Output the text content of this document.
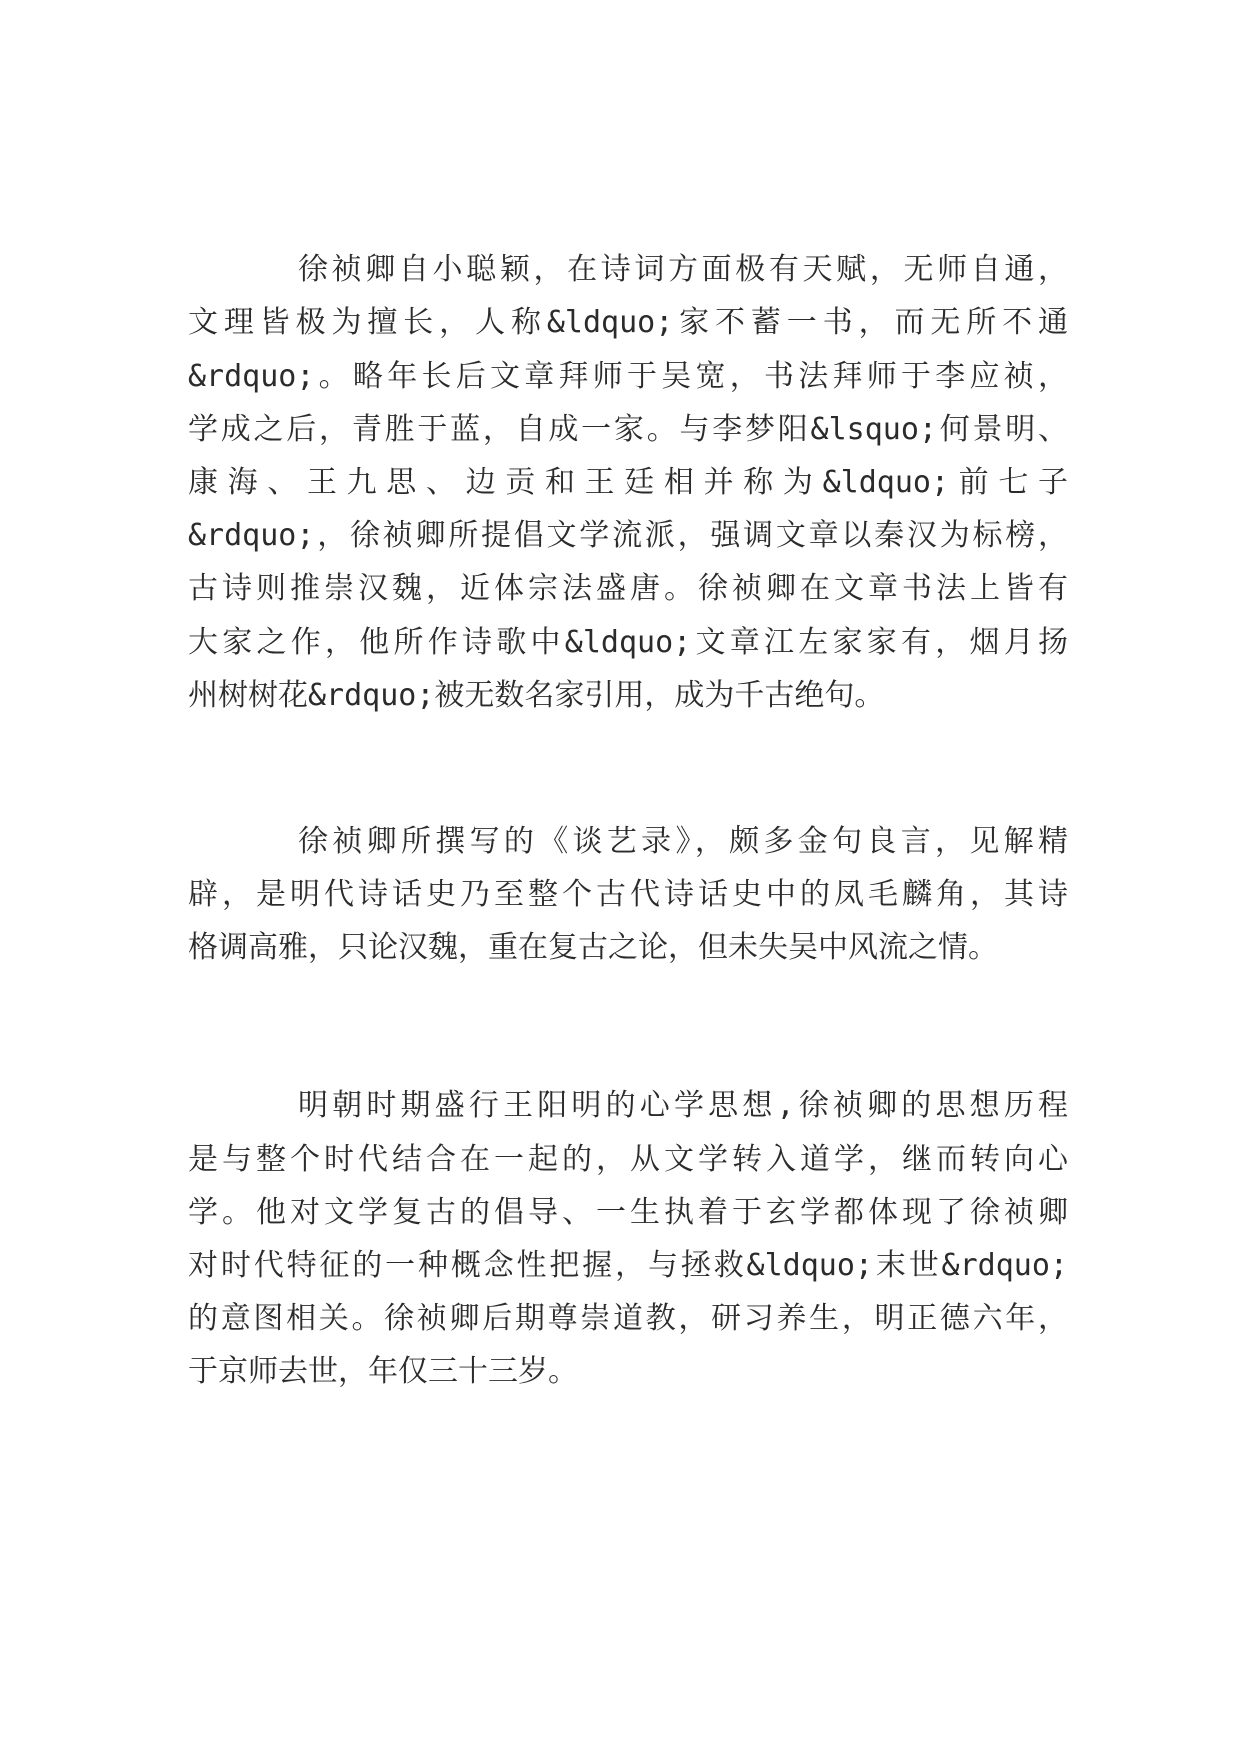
徐祯卿自小聪颖，在诗词方面极有天赋，无师自通，

文理皆极为擅长，人称&ldquo;家不蓄一书，而无所不通

&rdquo;。略年长后文章拜师于吴宽，书法拜师于李应祯，

学成之后，青胜于蓝，自成一家。与李梦阳&lsquo;何景明、

康海、王九思、边贡和王廷相并称为&ldquo;前七子

&rdquo;，徐祯卿所提倡文学流派，强调文章以秦汉为标榜，

古诗则推崇汉魏，近体宗法盛唐。徐祯卿在文章书法上皆有

大家之作，他所作诗歌中&ldquo;文章江左家家有，烟月扬

州树树花&rdquo;被无数名家引用，成为千古绝句。

徐祯卿所撰写的《谈艺录》，颇多金句良言，见解精

辟，是明代诗话史乃至整个古代诗话史中的凤毛麟角，其诗

格调高雅，只论汉魏，重在复古之论，但未失吴中风流之情。

明朝时期盛行王阳明的心学思想,徐祯卿的思想历程

是与整个时代结合在一起的，从文学转入道学，继而转向心

学。他对文学复古的倡导、一生执着于玄学都体现了徐祯卿

对时代特征的一种概念性把握，与拯救&ldquo;末世&rdquo;

的意图相关。徐祯卿后期尊崇道教，研习养生，明正德六年，

于京师去世，年仅三十三岁。
